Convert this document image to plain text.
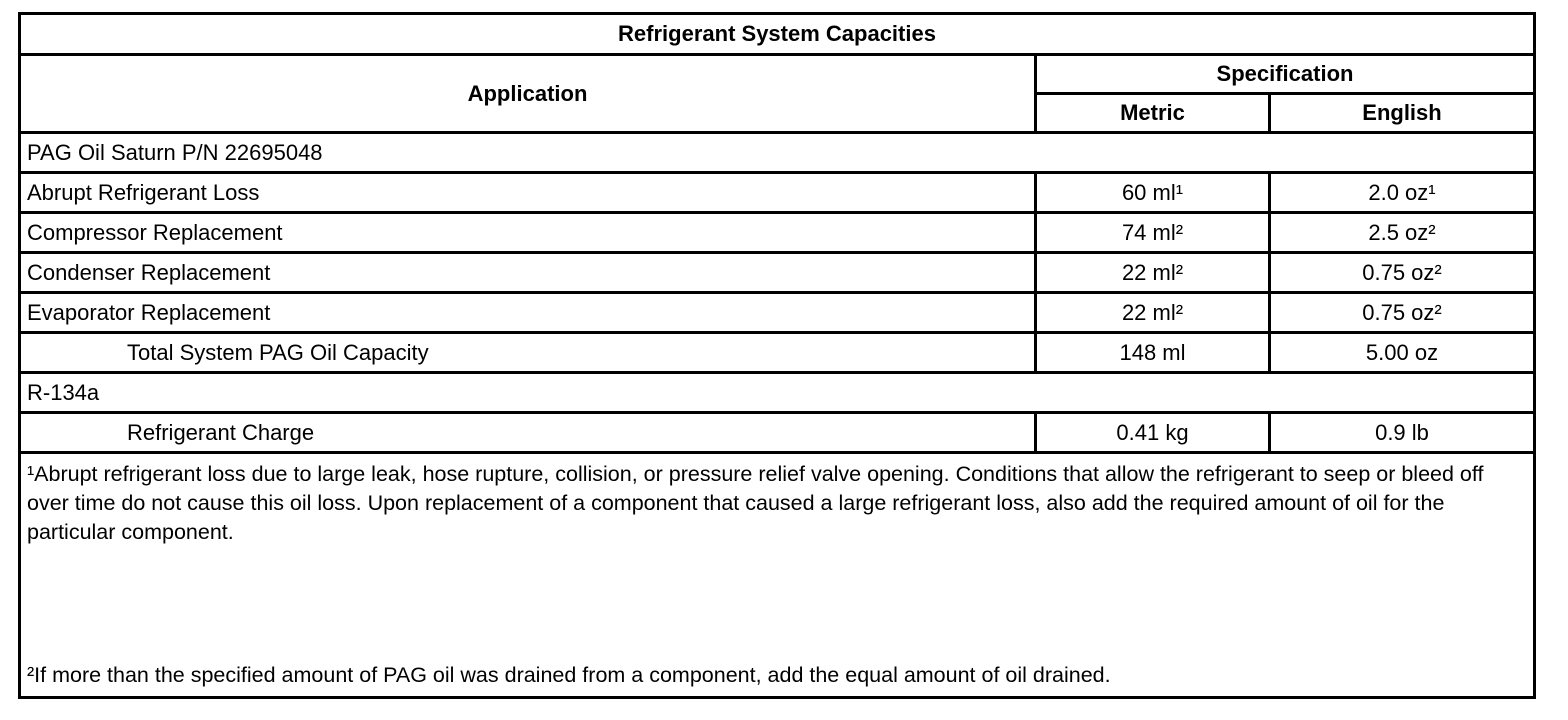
Refrigerant System Capacities		
Application	Specification	
	Metric	English
PAG Oil Saturn P/N 22695048		
Abrupt Refrigerant Loss	60 ml¹	2.0 oz¹
Compressor Replacement	74 ml²	2.5 oz²
Condenser Replacement	22 ml²	0.75 oz²
Evaporator Replacement	22 ml²	0.75 oz²
Total System PAG Oil Capacity	148 ml	5.00 oz
R-134a		
Refrigerant Charge	0.41 kg	0.9 lb

¹Abrupt refrigerant loss due to large leak, hose rupture, collision, or pressure relief valve opening. Conditions that allow the refrigerant to seep or bleed off over time do not cause this oil loss. Upon replacement of a component that caused a large refrigerant loss, also add the required amount of oil for the particular component.
²If more than the specified amount of PAG oil was drained from a component, add the equal amount of oil drained.		
